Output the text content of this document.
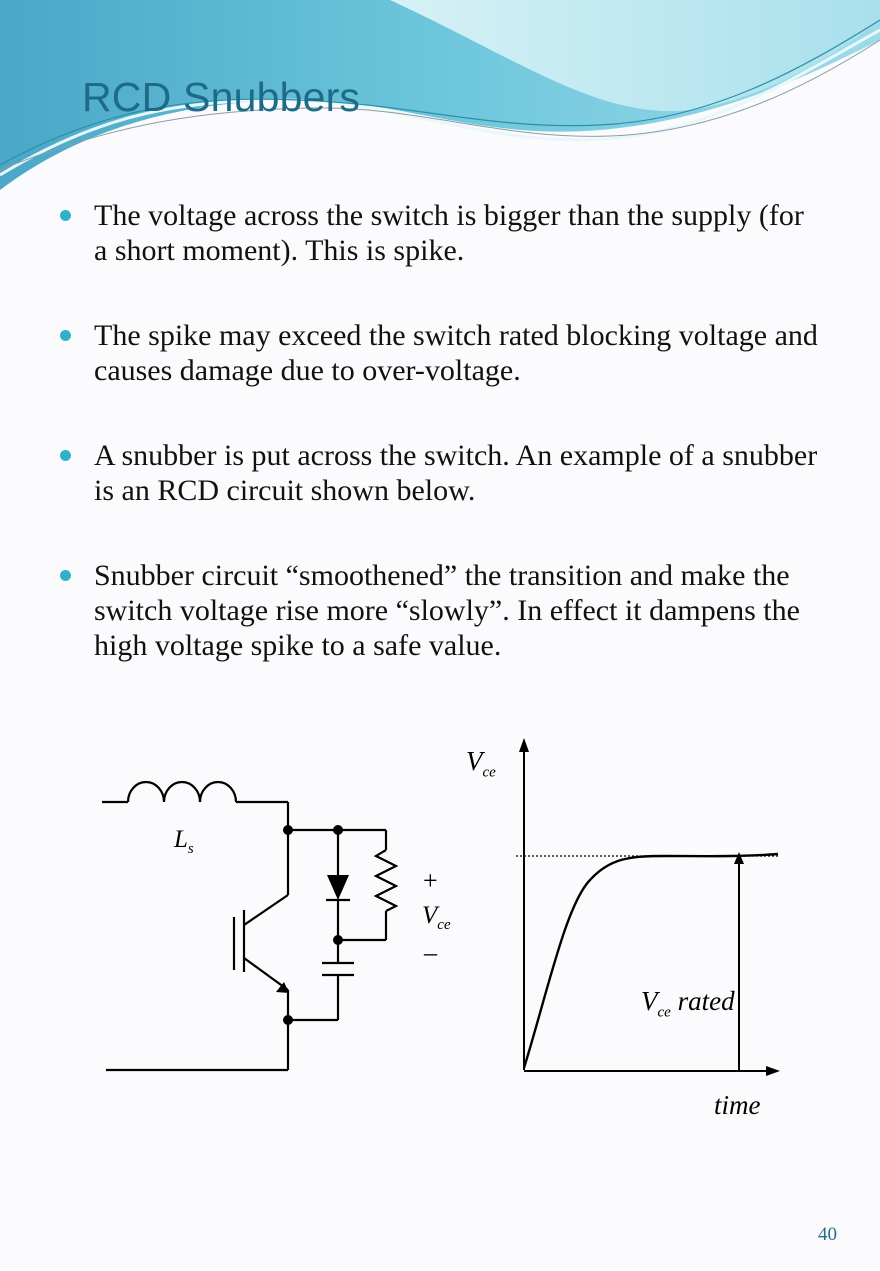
RCD Snubbers
The voltage across the switch is bigger than the supply (for a short moment). This is spike.
The spike may exceed the switch rated blocking voltage and causes damage due to over-voltage.
A snubber is put across the switch. An example of a snubber is an RCD circuit shown below.
Snubber circuit “smoothened” the transition and make the switch voltage rise more “slowly”. In effect it dampens the high voltage spike to a safe value.
$L_s$
+
$V_{ce}$
–
$V_{ce}$

$V_{ce}$ rated

time
40
